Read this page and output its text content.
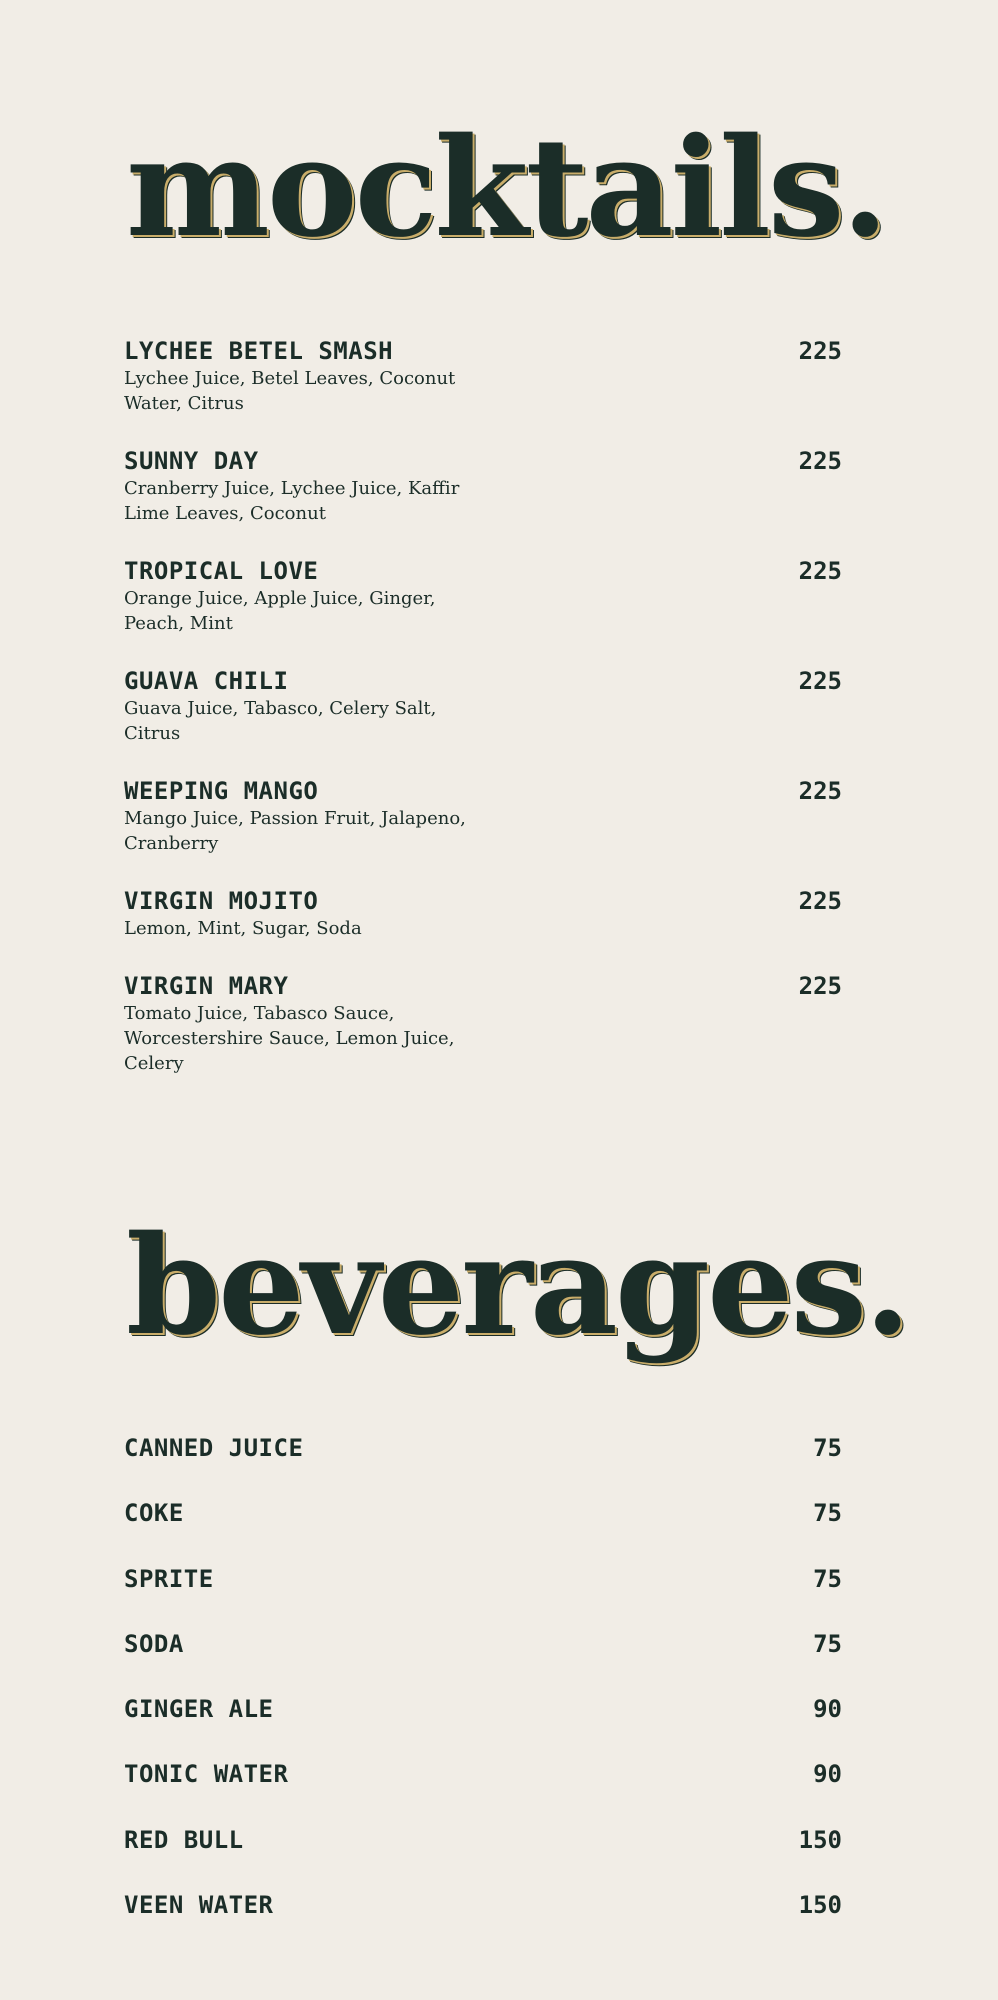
mocktails.
LYCHEE BETEL SMASH
Lychee Juice, Betel Leaves, Coconut Water, Citrus
225
SUNNY DAY
Cranberry Juice, Lychee Juice, Kaffir Lime Leaves, Coconut
225
TROPICAL LOVE
Orange Juice, Apple Juice, Ginger, Peach, Mint
225
GUAVA CHILI
Guava Juice, Tabasco, Celery Salt, Citrus
225
WEEPING MANGO
Mango Juice, Passion Fruit, Jalapeno, Cranberry
225
VIRGIN MOJITO
Lemon, Mint, Sugar, Soda
225
VIRGIN MARY
Tomato Juice, Tabasco Sauce, Worcestershire Sauce, Lemon Juice, Celery
225
beverages.
CANNED JUICE	75
COKE	75
SPRITE	75
SODA	75
GINGER ALE	90
TONIC WATER	90
RED BULL	150
VEEN WATER	150
